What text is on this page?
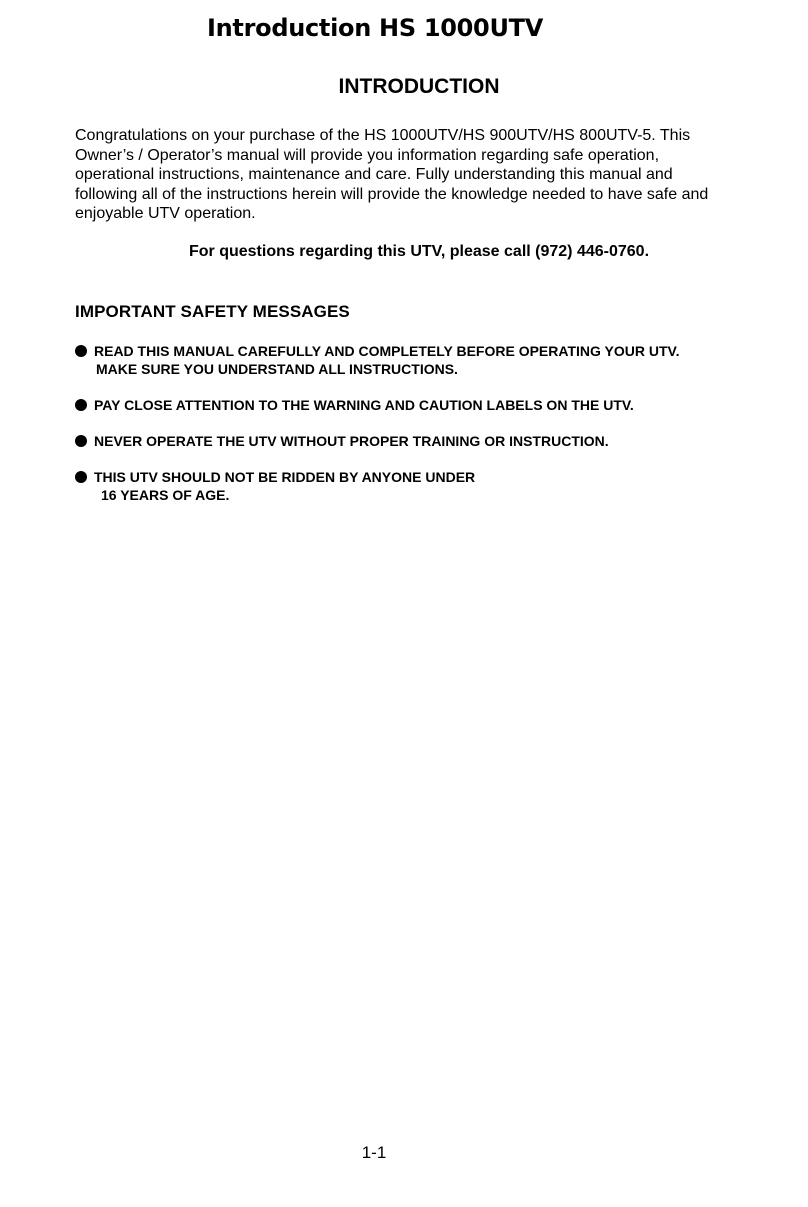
Introduction HS 1000UTV
INTRODUCTION

Congratulations on your purchase of the HS 1000UTV/HS 900UTV/HS 800UTV-5. This
Owner’s / Operator’s manual will provide you information regarding safe operation,
operational instructions, maintenance and care. Fully understanding this manual and
following all of the instructions herein will provide the knowledge needed to have safe and
enjoyable UTV operation.

For questions regarding this UTV, please call (972) 446-0760.

IMPORTANT SAFETY MESSAGES
READ THIS MANUAL CAREFULLY AND COMPLETELY BEFORE OPERATING YOUR UTV.
MAKE SURE YOU UNDERSTAND ALL INSTRUCTIONS.
PAY CLOSE ATTENTION TO THE WARNING AND CAUTION LABELS ON THE UTV.
NEVER OPERATE THE UTV WITHOUT PROPER TRAINING OR INSTRUCTION.
THIS UTV SHOULD NOT BE RIDDEN BY ANYONE UNDER
16 YEARS OF AGE.

1-1
